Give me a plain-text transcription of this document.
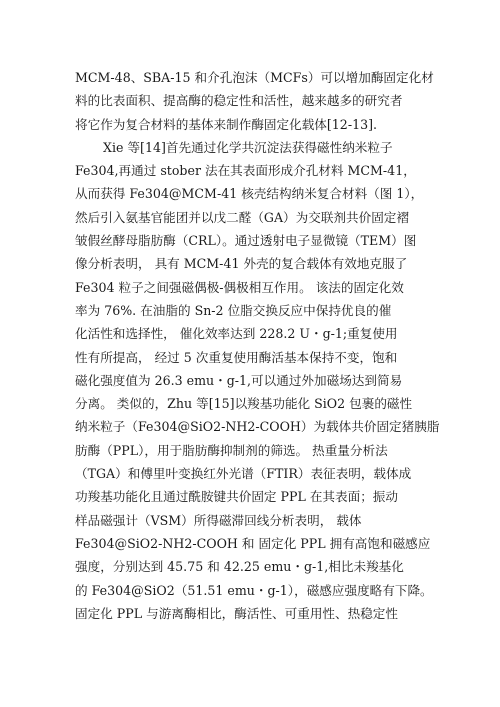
MCM-48、SBA-15 和介孔泡沫（MCFs）可以增加酶固定化材
料的比表面积、提高酶的稳定性和活性，越来越多的研究者
将它作为复合材料的基体来制作酶固定化载体[12-13].
Xie 等[14]首先通过化学共沉淀法获得磁性纳米粒子
Fe304,再通过 stober 法在其表面形成介孔材料 MCM-41，
从而获得 Fe304@MCM-41 核壳结构纳米复合材料（图 1），
然后引入氨基官能团并以戊二醛（GA）为交联剂共价固定褶
皱假丝酵母脂肪酶（CRL）。通过透射电子显微镜（TEM）图
像分析表明， 具有 MCM-41 外壳的复合载体有效地克服了
Fe304 粒子之间强磁偶极-偶极相互作用。 该法的固定化效
率为 76%. 在油脂的 Sn-2 位脂交换反应中保持优良的催
化活性和选择性， 催化效率达到 228.2 U・g-1;重复使用
性有所提高， 经过 5 次重复使用酶活基本保持不变，饱和
磁化强度值为 26.3 emu・g-1,可以通过外加磁场达到简易
分离。 类似的，Zhu 等[15]以羧基功能化 SiO2 包裹的磁性
纳米粒子（Fe304@SiO2-NH2-COOH）为载体共价固定猪胰脂
肪酶（PPL），用于脂肪酶抑制剂的筛选。 热重量分析法
（TGA）和傅里叶变换红外光谱（FTIR）表征表明，载体成
功羧基功能化且通过酰胺键共价固定 PPL 在其表面；振动
样品磁强计（VSM）所得磁滞回线分析表明， 载体
Fe304@SiO2-NH2-COOH 和 固定化 PPL 拥有高饱和磁感应
强度，分别达到 45.75 和 42.25 emu・g-1,相比未羧基化
的 Fe304@SiO2（51.51 emu・g-1），磁感应强度略有下降。
固定化 PPL 与游离酶相比，酶活性、可重用性、热稳定性
